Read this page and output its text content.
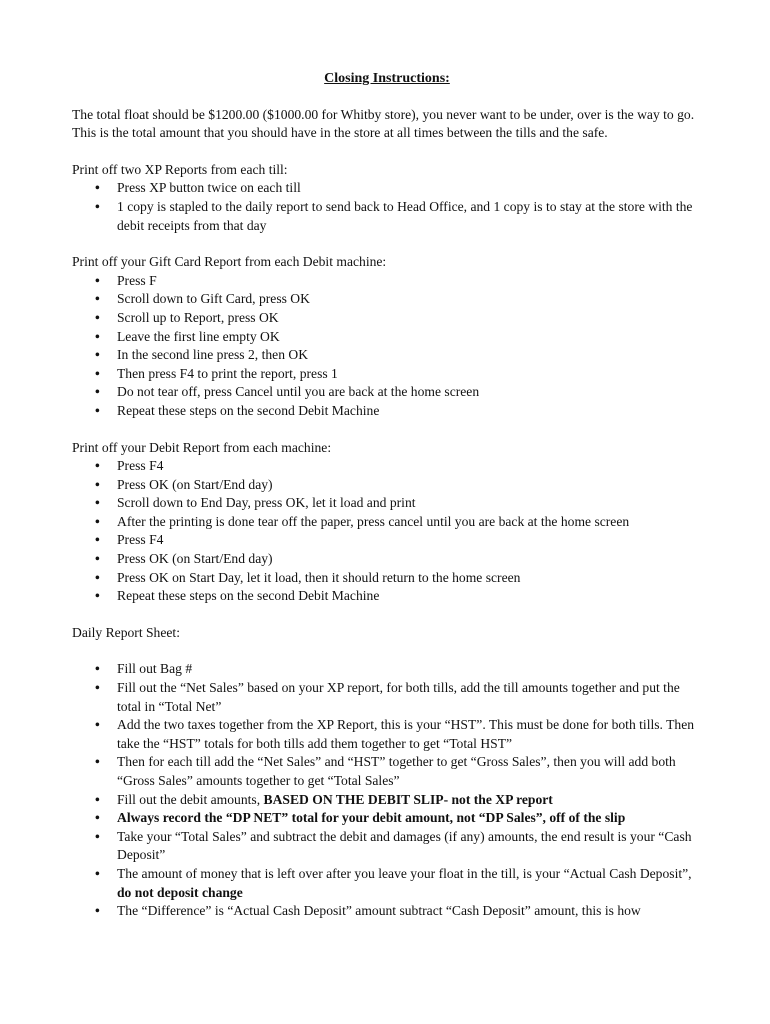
Closing Instructions:

The total float should be $1200.00 ($1000.00 for Whitby store), you never want to be under, over is the way to go. This is the total amount that you should have in the store at all times between the tills and the safe.

Print off two XP Reports from each till:

• Press XP button twice on each till
• 1 copy is stapled to the daily report to send back to Head Office, and 1 copy is to stay at the store with the debit receipts from that day

Print off your Gift Card Report from each Debit machine:

• Press F
• Scroll down to Gift Card, press OK
• Scroll up to Report, press OK
• Leave the first line empty OK
• In the second line press 2, then OK
• Then press F4 to print the report, press 1
• Do not tear off, press Cancel until you are back at the home screen
• Repeat these steps on the second Debit Machine

Print off your Debit Report from each machine:

• Press F4
• Press OK (on Start/End day)
• Scroll down to End Day, press OK, let it load and print
• After the printing is done tear off the paper, press cancel until you are back at the home screen
• Press F4
• Press OK (on Start/End day)
• Press OK on Start Day, let it load, then it should return to the home screen
• Repeat these steps on the second Debit Machine

Daily Report Sheet:

• Fill out Bag #
• Fill out the “Net Sales” based on your XP report, for both tills, add the till amounts together and put the total in “Total Net”
• Add the two taxes together from the XP Report, this is your “HST”. This must be done for both tills. Then take the “HST” totals for both tills add them together to get “Total HST”
• Then for each till add the “Net Sales” and “HST” together to get “Gross Sales”, then you will add both “Gross Sales” amounts together to get “Total Sales”
• Fill out the debit amounts, BASED ON THE DEBIT SLIP- not the XP report
• Always record the “DP NET” total for your debit amount, not “DP Sales”, off of the slip
• Take your “Total Sales” and subtract the debit and damages (if any) amounts, the end result is your “Cash Deposit”
• The amount of money that is left over after you leave your float in the till, is your “Actual Cash Deposit”, do not deposit change
• The “Difference” is “Actual Cash Deposit” amount subtract “Cash Deposit” amount, this is how
